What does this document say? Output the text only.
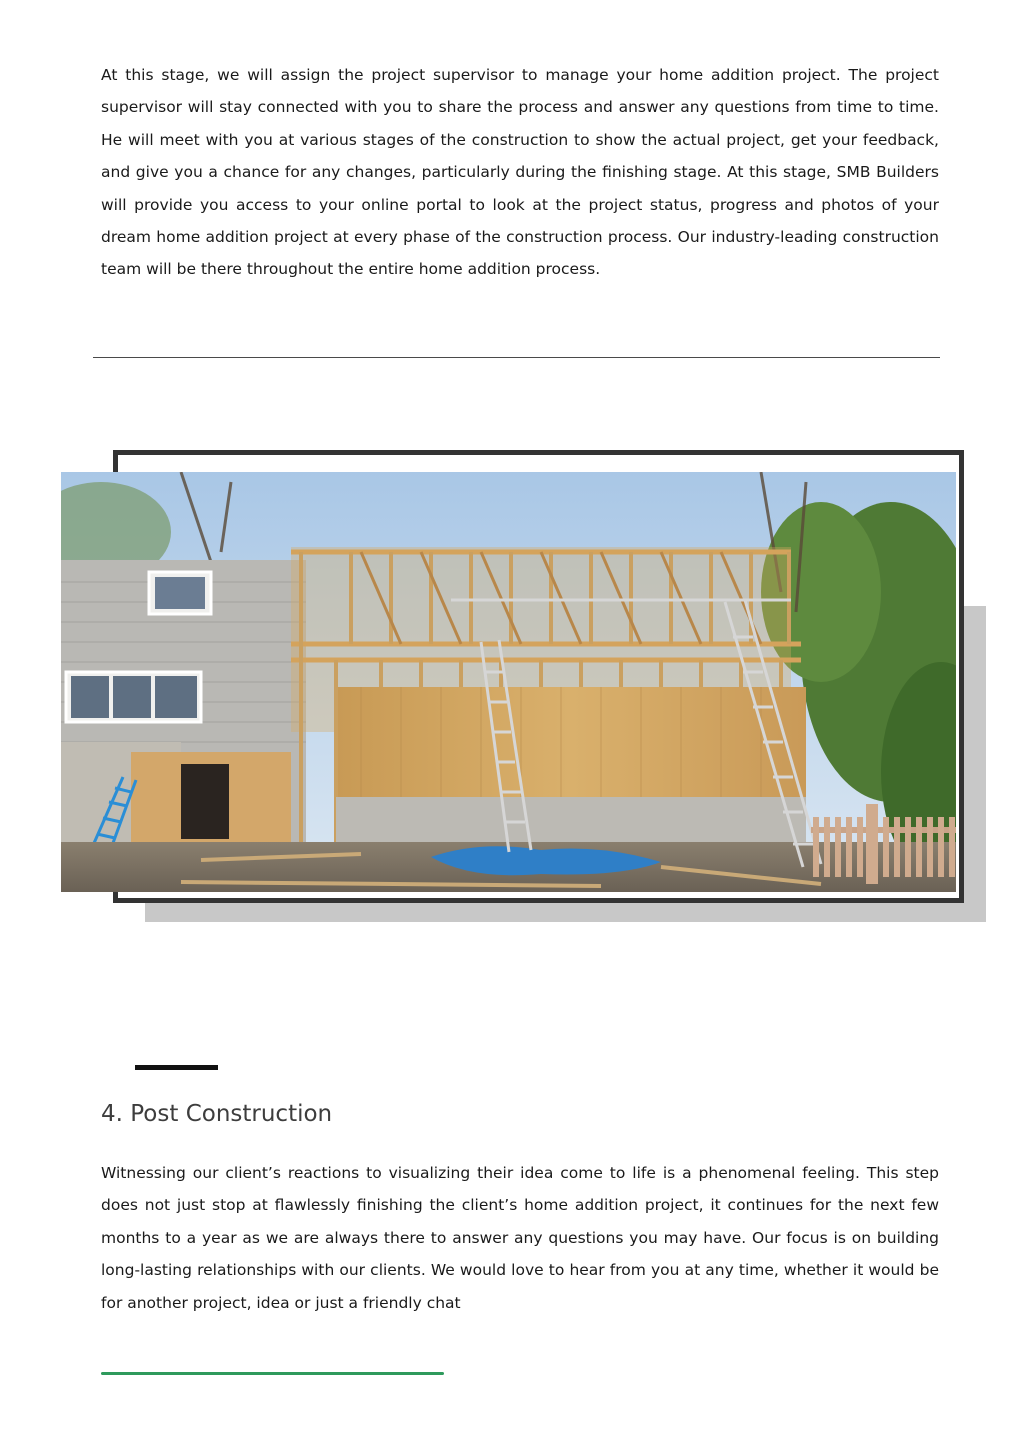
At this stage, we will assign the project supervisor to manage your home addition project. The project supervisor will stay connected with you to share the process and answer any questions from time to time. He will meet with you at various stages of the construction to show the actual project, get your feedback, and give you a chance for any changes, particularly during the finishing stage. At this stage, SMB Builders will provide you access to your online portal to look at the project status, progress and photos of your dream home addition project at every phase of the construction process. Our industry-leading construction team will be there throughout the entire home addition process.

4. Post Construction

Witnessing our client’s reactions to visualizing their idea come to life is a phenomenal feeling. This step does not just stop at flawlessly finishing the client’s home addition project, it continues for the next few months to a year as we are always there to answer any questions you may have. Our focus is on building long-lasting relationships with our clients. We would love to hear from you at any time, whether it would be for another project, idea or just a friendly chat
